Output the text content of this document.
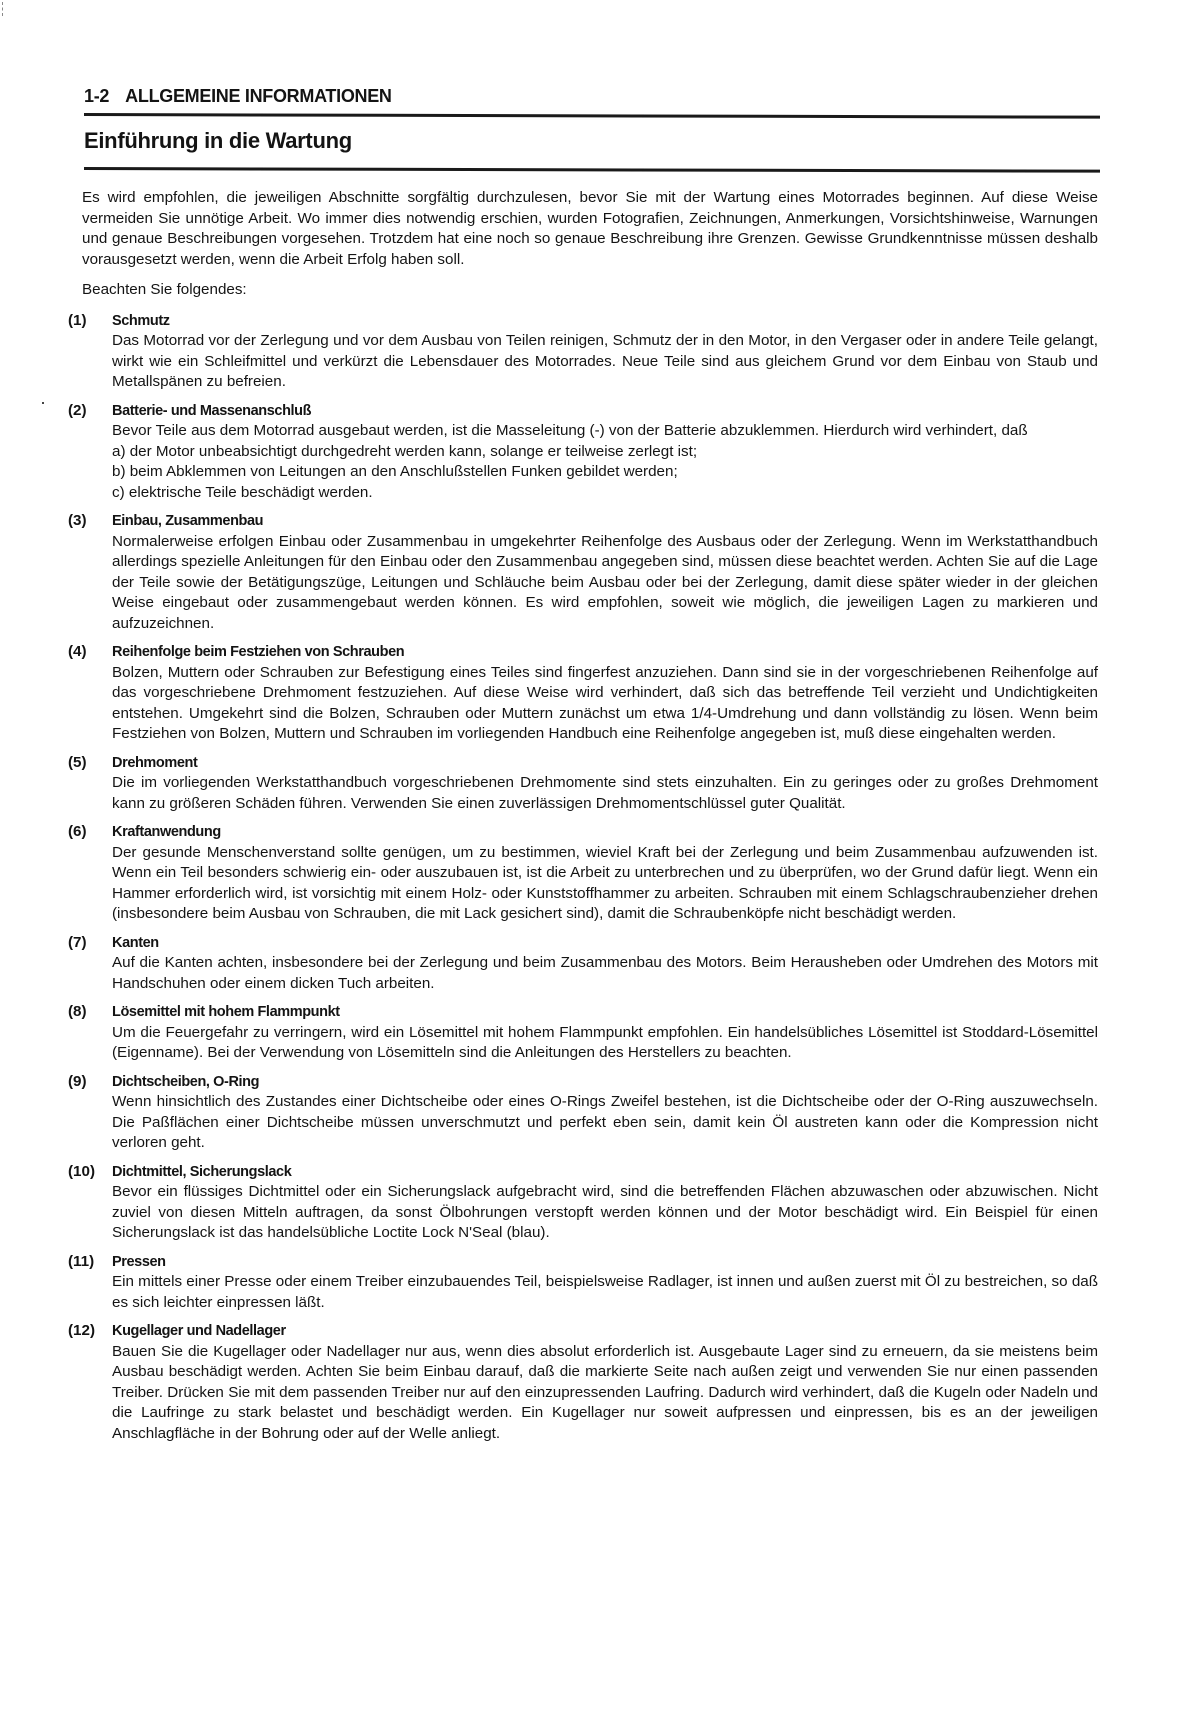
1-2 ALLGEMEINE INFORMATIONEN
Einführung in die Wartung

Es wird empfohlen, die jeweiligen Abschnitte sorgfältig durchzulesen, bevor Sie mit der Wartung eines Motorrades beginnen. Auf diese Weise vermeiden Sie unnötige Arbeit. Wo immer dies notwendig erschien, wurden Fotografien, Zeichnungen, Anmerkungen, Vorsichtshinweise, Warnungen und genaue Beschreibungen vorgesehen. Trotzdem hat eine noch so genaue Beschreibung ihre Grenzen. Gewisse Grundkenntnisse müssen deshalb vorausgesetzt werden, wenn die Arbeit Erfolg haben soll.

Beachten Sie folgendes:

(1)	Schmutz
Das Motorrad vor der Zerlegung und vor dem Ausbau von Teilen reinigen, Schmutz der in den Motor, in den Vergaser oder in andere Teile gelangt, wirkt wie ein Schleifmittel und verkürzt die Lebensdauer des Motorrades. Neue Teile sind aus gleichem Grund vor dem Einbau von Staub und Metallspänen zu befreien.
(2)	Batterie- und Massenanschluß
Bevor Teile aus dem Motorrad ausgebaut werden, ist die Masseleitung (-) von der Batterie abzuklemmen. Hierdurch wird verhindert, daß

a) der Motor unbeabsichtigt durchgedreht werden kann, solange er teilweise zerlegt ist;

b) beim Abklemmen von Leitungen an den Anschlußstellen Funken gebildet werden;

c) elektrische Teile beschädigt werden.

(3)	Einbau, Zusammenbau
Normalerweise erfolgen Einbau oder Zusammenbau in umgekehrter Reihenfolge des Ausbaus oder der Zerlegung. Wenn im Werkstatthandbuch allerdings spezielle Anleitungen für den Einbau oder den Zusammenbau angegeben sind, müssen diese beachtet werden. Achten Sie auf die Lage der Teile sowie der Betätigungszüge, Leitungen und Schläuche beim Ausbau oder bei der Zerlegung, damit diese später wieder in der gleichen Weise eingebaut oder zusammengebaut werden können. Es wird empfohlen, soweit wie möglich, die jeweiligen Lagen zu markieren und aufzuzeichnen.
(4)	Reihenfolge beim Festziehen von Schrauben
Bolzen, Muttern oder Schrauben zur Befestigung eines Teiles sind fingerfest anzuziehen. Dann sind sie in der vorgeschriebenen Reihenfolge auf das vorgeschriebene Drehmoment festzuziehen. Auf diese Weise wird verhindert, daß sich das betreffende Teil verzieht und Undichtigkeiten entstehen. Umgekehrt sind die Bolzen, Schrauben oder Muttern zunächst um etwa 1/4-Umdrehung und dann vollständig zu lösen. Wenn beim Festziehen von Bolzen, Muttern und Schrauben im vorliegenden Handbuch eine Reihenfolge angegeben ist, muß diese eingehalten werden.
(5)	Drehmoment
Die im vorliegenden Werkstatthandbuch vorgeschriebenen Drehmomente sind stets einzuhalten. Ein zu geringes oder zu großes Drehmoment kann zu größeren Schäden führen. Verwenden Sie einen zuverlässigen Drehmomentschlüssel guter Qualität.
(6)	Kraftanwendung
Der gesunde Menschenverstand sollte genügen, um zu bestimmen, wieviel Kraft bei der Zerlegung und beim Zusammenbau aufzuwenden ist. Wenn ein Teil besonders schwierig ein- oder auszubauen ist, ist die Arbeit zu unterbrechen und zu überprüfen, wo der Grund dafür liegt. Wenn ein Hammer erforderlich wird, ist vorsichtig mit einem Holz- oder Kunststoffhammer zu arbeiten. Schrauben mit einem Schlagschraubenzieher drehen (insbesondere beim Ausbau von Schrauben, die mit Lack gesichert sind), damit die Schraubenköpfe nicht beschädigt werden.
(7)	Kanten
Auf die Kanten achten, insbesondere bei der Zerlegung und beim Zusammenbau des Motors. Beim Herausheben oder Umdrehen des Motors mit Handschuhen oder einem dicken Tuch arbeiten.
(8)	Lösemittel mit hohem Flammpunkt
Um die Feuergefahr zu verringern, wird ein Lösemittel mit hohem Flammpunkt empfohlen. Ein handelsübliches Lösemittel ist Stoddard-Lösemittel (Eigenname). Bei der Verwendung von Lösemitteln sind die Anleitungen des Herstellers zu beachten.
(9)	Dichtscheiben, O-Ring
Wenn hinsichtlich des Zustandes einer Dichtscheibe oder eines O-Rings Zweifel bestehen, ist die Dichtscheibe oder der O-Ring auszuwechseln. Die Paßflächen einer Dichtscheibe müssen unverschmutzt und perfekt eben sein, damit kein Öl austreten kann oder die Kompression nicht verloren geht.
(10)	Dichtmittel, Sicherungslack
Bevor ein flüssiges Dichtmittel oder ein Sicherungslack aufgebracht wird, sind die betreffenden Flächen abzuwaschen oder abzuwischen. Nicht zuviel von diesen Mitteln auftragen, da sonst Ölbohrungen verstopft werden können und der Motor beschädigt wird. Ein Beispiel für einen Sicherungslack ist das handelsübliche Loctite Lock N'Seal (blau).
(11)	Pressen
Ein mittels einer Presse oder einem Treiber einzubauendes Teil, beispielsweise Radlager, ist innen und außen zuerst mit Öl zu bestreichen, so daß es sich leichter einpressen läßt.
(12)	Kugellager und Nadellager
Bauen Sie die Kugellager oder Nadellager nur aus, wenn dies absolut erforderlich ist. Ausgebaute Lager sind zu erneuern, da sie meistens beim Ausbau beschädigt werden. Achten Sie beim Einbau darauf, daß die markierte Seite nach außen zeigt und verwenden Sie nur einen passenden Treiber. Drücken Sie mit dem passenden Treiber nur auf den einzupressenden Laufring. Dadurch wird verhindert, daß die Kugeln oder Nadeln und die Laufringe zu stark belastet und beschädigt werden. Ein Kugellager nur soweit aufpressen und einpressen, bis es an der jeweiligen Anschlagfläche in der Bohrung oder auf der Welle anliegt.
